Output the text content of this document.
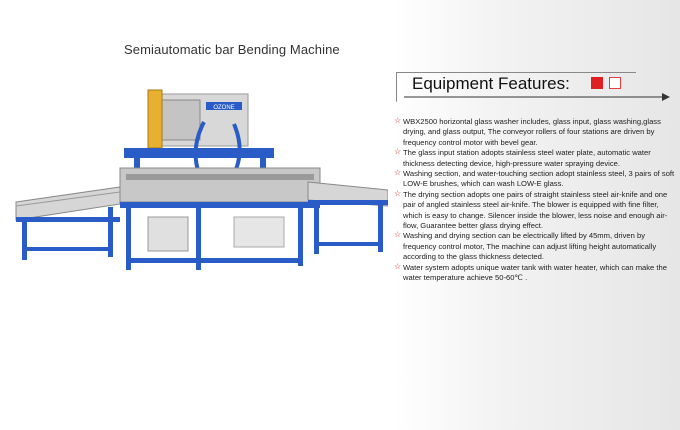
Semiautomatic bar Bending Machine
OZONE
Equipment Features:

☆ WBX2500 horizontal glass washer includes, glass input, glass washing,glass drying, and glass output, The conveyor rollers of four stations are driven by frequency control motor with bevel gear.

☆ The glass input station adopts stainless steel water plate, automatic water thickness detecting device, high-pressure water spraying device.

☆ Washing section, and water-touching section adopt stainless steel, 3 pairs of soft LOW-E brushes, which can wash LOW-E glass.

☆ The drying section adopts one pairs of straight stainless steel air-knife and one pair of angled stainless steel air-knife. The blower is equipped with fine filter, which is easy to change. Silencer inside the blower, less noise and enough air-flow, Guarantee better glass drying effect.

☆ Washing and drying section can be electrically lifted by 45mm, driven by frequency control motor, The machine can adjust lifting height automatically according to the glass thickness detected.

☆ Water system adopts unique water tank with water heater, which can make the water temperature achieve 50-60℃ .
